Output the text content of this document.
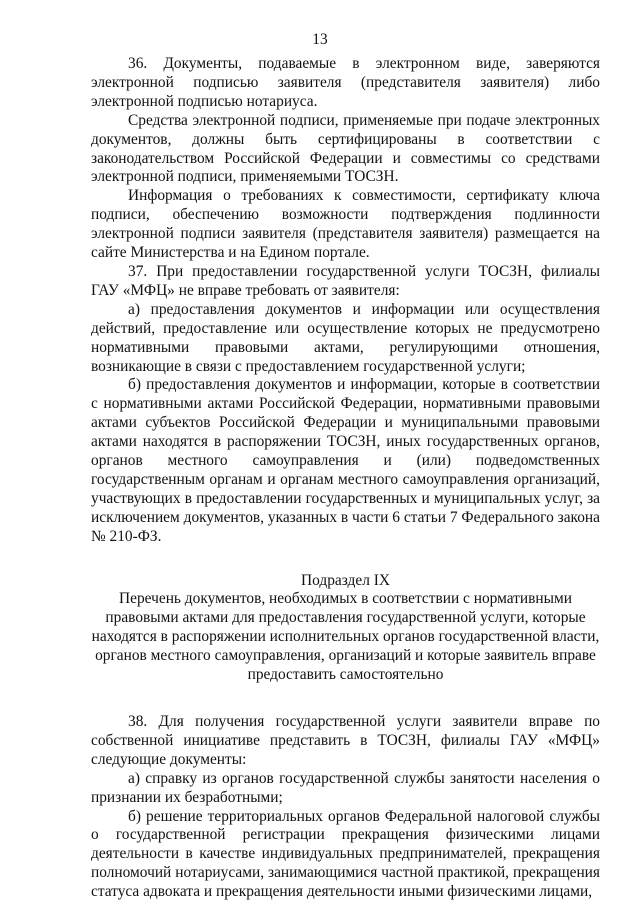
13

36. Документы, подаваемые в электронном виде, заверяются электронной подписью заявителя (представителя заявителя) либо электронной подписью нотариуса.

Средства электронной подписи, применяемые при подаче электронных документов, должны быть сертифицированы в соответствии с законодательством Российской Федерации и совместимы со средствами электронной подписи, применяемыми ТОСЗН.

Информация о требованиях к совместимости, сертификату ключа подписи, обеспечению возможности подтверждения подлинности электронной подписи заявителя (представителя заявителя) размещается на сайте Министерства и на Едином портале.

37. При предоставлении государственной услуги ТОСЗН, филиалы ГАУ «МФЦ» не вправе требовать от заявителя:

а) предоставления документов и информации или осуществления действий, предоставление или осуществление которых не предусмотрено нормативными правовыми актами, регулирующими отношения, возникающие в связи с предоставлением государственной услуги;

б) предоставления документов и информации, которые в соответствии с нормативными актами Российской Федерации, нормативными правовыми актами субъектов Российской Федерации и муниципальными правовыми актами находятся в распоряжении ТОСЗН, иных государственных органов, органов местного самоуправления и (или) подведомственных государственным органам и органам местного самоуправления организаций, участвующих в предоставлении государственных и муниципальных услуг, за исключением документов, указанных в части 6 статьи 7 Федерального закона № 210-ФЗ.

Подраздел IX

Перечень документов, необходимых в соответствии с нормативными правовыми актами для предоставления государственной услуги, которые находятся в распоряжении исполнительных органов государственной власти, органов местного самоуправления, организаций и которые заявитель вправе предоставить самостоятельно

38. Для получения государственной услуги заявители вправе по собственной инициативе представить в ТОСЗН, филиалы ГАУ «МФЦ» следующие документы:

а) справку из органов государственной службы занятости населения о признании их безработными;

б) решение территориальных органов Федеральной налоговой службы о государственной регистрации прекращения физическими лицами деятельности в качестве индивидуальных предпринимателей, прекращения полномочий нотариусами, занимающимися частной практикой, прекращения статуса адвоката и прекращения деятельности иными физическими лицами,
